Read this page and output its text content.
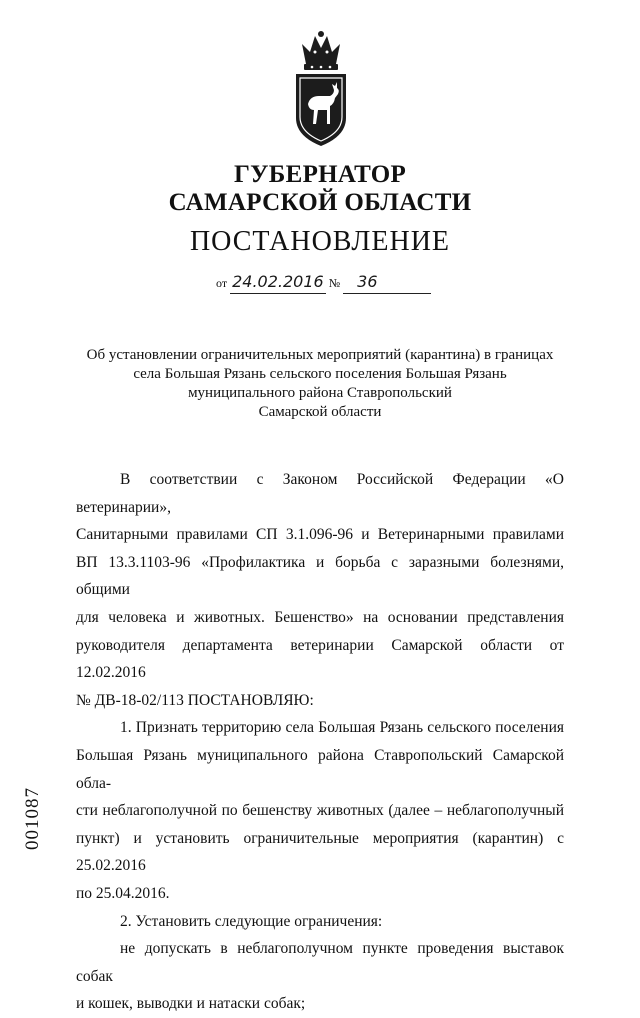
ГУБЕРНАТОР
САМАРСКОЙ ОБЛАСТИ
ПОСТАНОВЛЕНИЕ
от 24.02.2016 № 36
Об установлении ограничительных мероприятий (карантина) в границах
села Большая Рязань сельского поселения Большая Рязань
муниципального района Ставропольский
Самарской области

В соответствии с Законом Российской Федерации «О ветеринарии»,

Санитарными правилами СП 3.1.096-96 и Ветеринарными правилами

ВП 13.3.1103-96 «Профилактика и борьба с заразными болезнями, общими

для человека и животных. Бешенство» на основании представления

руководителя департамента ветеринарии Самарской области от 12.02.2016

№ ДВ-18-02/113 ПОСТАНОВЛЯЮ:

1. Признать территорию села Большая Рязань сельского поселения

Большая Рязань муниципального района Ставропольский Самарской обла-

сти неблагополучной по бешенству животных (далее – неблагополучный

пункт) и установить ограничительные мероприятия (карантин) с 25.02.2016

по 25.04.2016.

2. Установить следующие ограничения:

не допускать в неблагополучном пункте проведения выставок собак

и кошек, выводки и натаски собак;

001087
